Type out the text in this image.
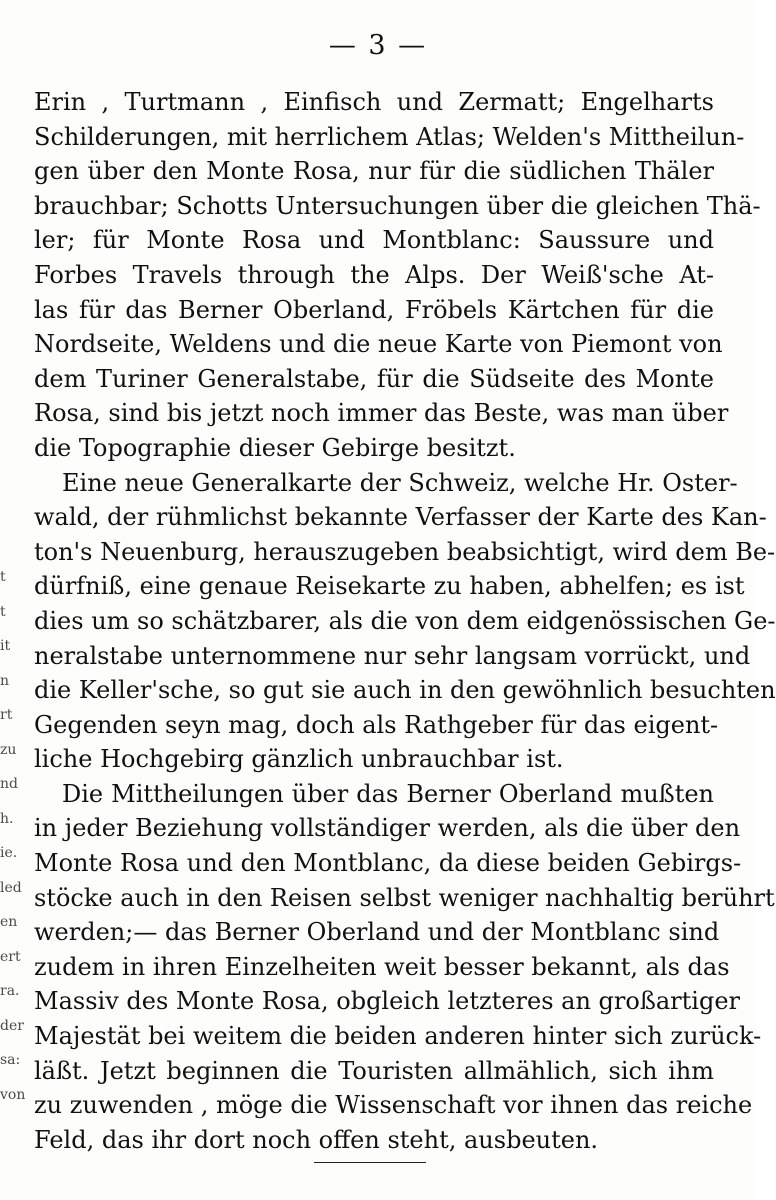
t
t
it
n
rt
zu
nd
h.
ie.
led
en
ert
ra.
der
sa:
von
— 3 —
Erin , Turtmann , Einfisch und Zermatt; Engelharts
Schilderungen, mit herrlichem Atlas; Welden's Mittheilun-
gen über den Monte Rosa, nur für die südlichen Thäler
brauchbar; Schotts Untersuchungen über die gleichen Thä-
ler; für Monte Rosa und Montblanc: Saussure und
Forbes Travels through the Alps. Der Weiß'sche At-
las für das Berner Oberland, Fröbels Kärtchen für die
Nordseite, Weldens und die neue Karte von Piemont von
dem Turiner Generalstabe, für die Südseite des Monte
Rosa, sind bis jetzt noch immer das Beste, was man über
die Topographie dieser Gebirge besitzt.
Eine neue Generalkarte der Schweiz, welche Hr. Oster-
wald, der rühmlichst bekannte Verfasser der Karte des Kan-
ton's Neuenburg, herauszugeben beabsichtigt, wird dem Be-
dürfniß, eine genaue Reisekarte zu haben, abhelfen; es ist
dies um so schätzbarer, als die von dem eidgenössischen Ge-
neralstabe unternommene nur sehr langsam vorrückt, und
die Keller'sche, so gut sie auch in den gewöhnlich besuchten
Gegenden seyn mag, doch als Rathgeber für das eigent-
liche Hochgebirg gänzlich unbrauchbar ist.
Die Mittheilungen über das Berner Oberland mußten
in jeder Beziehung vollständiger werden, als die über den
Monte Rosa und den Montblanc, da diese beiden Gebirgs-
stöcke auch in den Reisen selbst weniger nachhaltig berührt
werden;— das Berner Oberland und der Montblanc sind
zudem in ihren Einzelheiten weit besser bekannt, als das
Massiv des Monte Rosa, obgleich letzteres an großartiger
Majestät bei weitem die beiden anderen hinter sich zurück-
läßt. Jetzt beginnen die Touristen allmählich, sich ihm
zu zuwenden , möge die Wissenschaft vor ihnen das reiche
Feld, das ihr dort noch offen steht, ausbeuten.
